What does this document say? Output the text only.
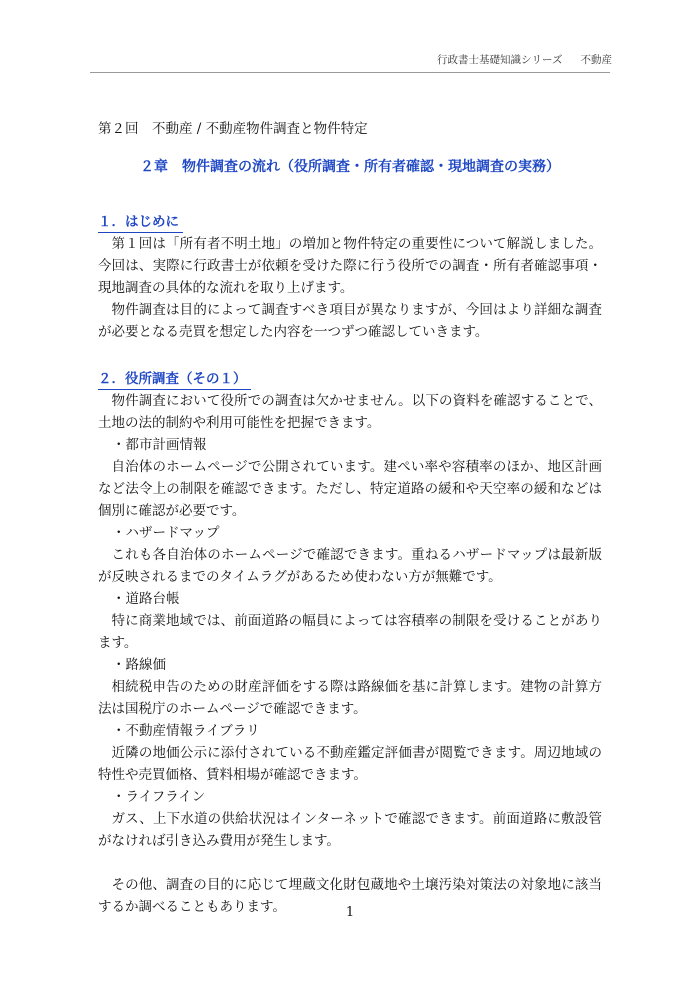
行政書士基礎知識シリーズ 不動産
第２回　不動産 / 不動産物件調査と物件特定
２章　物件調査の流れ（役所調査・所有者確認・現地調査の実務）
１．はじめに

第１回は「所有者不明土地」の増加と物件特定の重要性について解説しました。今回は、実際に行政書士が依頼を受けた際に行う役所での調査・所有者確認事項・現地調査の具体的な流れを取り上げます。

物件調査は目的によって調査すべき項目が異なりますが、今回はより詳細な調査が必要となる売買を想定した内容を一つずつ確認していきます。

２．役所調査（その１）

物件調査において役所での調査は欠かせません。以下の資料を確認することで、土地の法的制約や利用可能性を把握できます。

・都市計画情報

自治体のホームページで公開されています。建ぺい率や容積率のほか、地区計画など法令上の制限を確認できます。ただし、特定道路の緩和や天空率の緩和などは個別に確認が必要です。

・ハザードマップ

これも各自治体のホームページで確認できます。重ねるハザードマップは最新版が反映されるまでのタイムラグがあるため使わない方が無難です。

・道路台帳

特に商業地域では、前面道路の幅員によっては容積率の制限を受けることがあります。

・路線価

相続税申告のための財産評価をする際は路線価を基に計算します。建物の計算方法は国税庁のホームページで確認できます。

・不動産情報ライブラリ

近隣の地価公示に添付されている不動産鑑定評価書が閲覧できます。周辺地域の特性や売買価格、賃料相場が確認できます。

・ライフライン

ガス、上下水道の供給状況はインターネットで確認できます。前面道路に敷設管がなければ引き込み費用が発生します。

その他、調査の目的に応じて埋蔵文化財包蔵地や土壌汚染対策法の対象地に該当するか調べることもあります。	1
